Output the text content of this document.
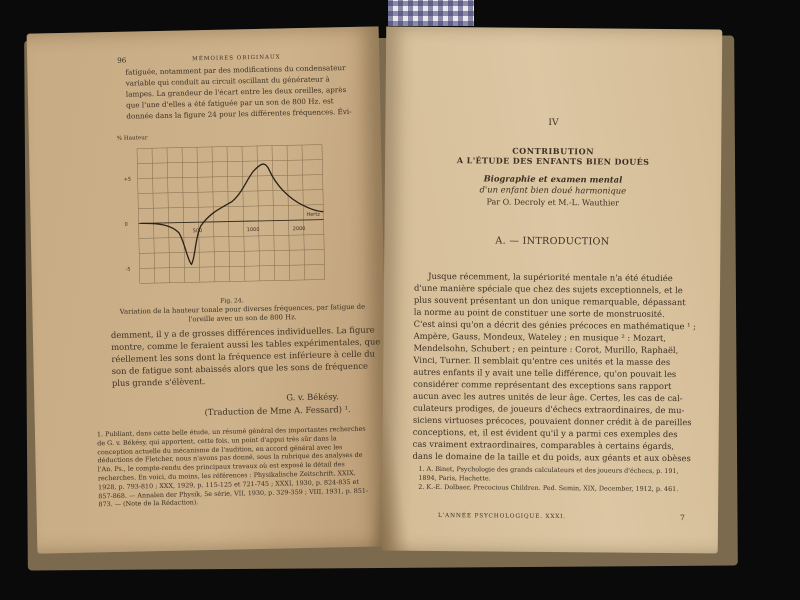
96	MÉMOIRES ORIGINAUX
fatiguée, notamment par des modifications du condensateur
variable qui conduit au circuit oscillant du générateur à
lampes. La grandeur de l'écart entre les deux oreilles, après
que l'une d'elles a été fatiguée par un son de 800 Hz. est
donnée dans la figure 24 pour les différentes fréquences. Évi-
% Hauteur
+5
0
-5
500	1000	2000
Hertz
Fig. 24.
Variation de la hauteur tonale pour diverses fréquences, par fatigue de l'oreille avec un son de 800 Hz.
demment, il y a de grosses différences individuelles. La figure
montre, comme le feraient aussi les tables expérimentales, que
réellement les sons dont la fréquence est inférieure à celle du
son de fatigue sont abaissés alors que les sons de fréquence
plus grande s'élèvent.
G. v. Békésy.
(Traduction de Mme A. Fessard) ¹.
1. Publiant, dans cette belle étude, un résumé général des importantes recherches de G. v. Békésy, qui apportent, cette fois, un point d'appui très sûr dans la conception actuelle du mécanisme de l'audition, en accord général avec les déductions de Fletcher, nous n'avons pas donné, sous la rubrique des analyses de l'An. Ps., le compte-rendu des principaux travaux où est exposé le détail des recherches. En voici, du moins, les références : Physikalische Zeitschrift, XXIX, 1928, p. 793-810 ; XXX, 1929, p. 115-125 et 721-745 ; XXXI, 1930, p. 824-835 et 857-868. — Annalen der Physik, 5e série, VII, 1930, p. 329-359 ; VIII, 1931, p. 851-873. — (Note de la Rédaction).
IV
CONTRIBUTION
A L'ÉTUDE DES ENFANTS BIEN DOUÉS
Biographie et examen mental
d'un enfant bien doué harmonique
Par O. Decroly et M.-L. Wauthier
A. — INTRODUCTION
Jusque récemment, la supériorité mentale n'a été étudiée
d'une manière spéciale que chez des sujets exceptionnels, et le
plus souvent présentant un don unique remarquable, dépassant
la norme au point de constituer une sorte de monstruosité.
C'est ainsi qu'on a décrit des génies précoces en mathématique ¹ ;
Ampère, Gauss, Mondeux, Wateley ; en musique ² : Mozart,
Mendelsohn, Schubert ; en peinture : Corot, Murillo, Raphaël,
Vinci, Turner. Il semblait qu'entre ces unités et la masse des
autres enfants il y avait une telle différence, qu'on pouvait les
considérer comme représentant des exceptions sans rapport
aucun avec les autres unités de leur âge. Certes, les cas de cal-
culateurs prodiges, de joueurs d'échecs extraordinaires, de mu-
siciens virtuoses précoces, pouvaient donner crédit à de pareilles
conceptions, et, il est évident qu'il y a parmi ces exemples des
cas vraiment extraordinaires, comparables à certains égards,
dans le domaine de la taille et du poids, aux géants et aux obèses
1. A. Binet, Psychologie des grands calculateurs et des joueurs d'échecs, p. 191, 1894, Paris, Hachette.
2. K.-E. Dolbaer, Precocious Children. Ped. Semin, XIX, December, 1912, p. 461.
L'ANNÉE PSYCHOLOGIQUE. XXXI.	7
